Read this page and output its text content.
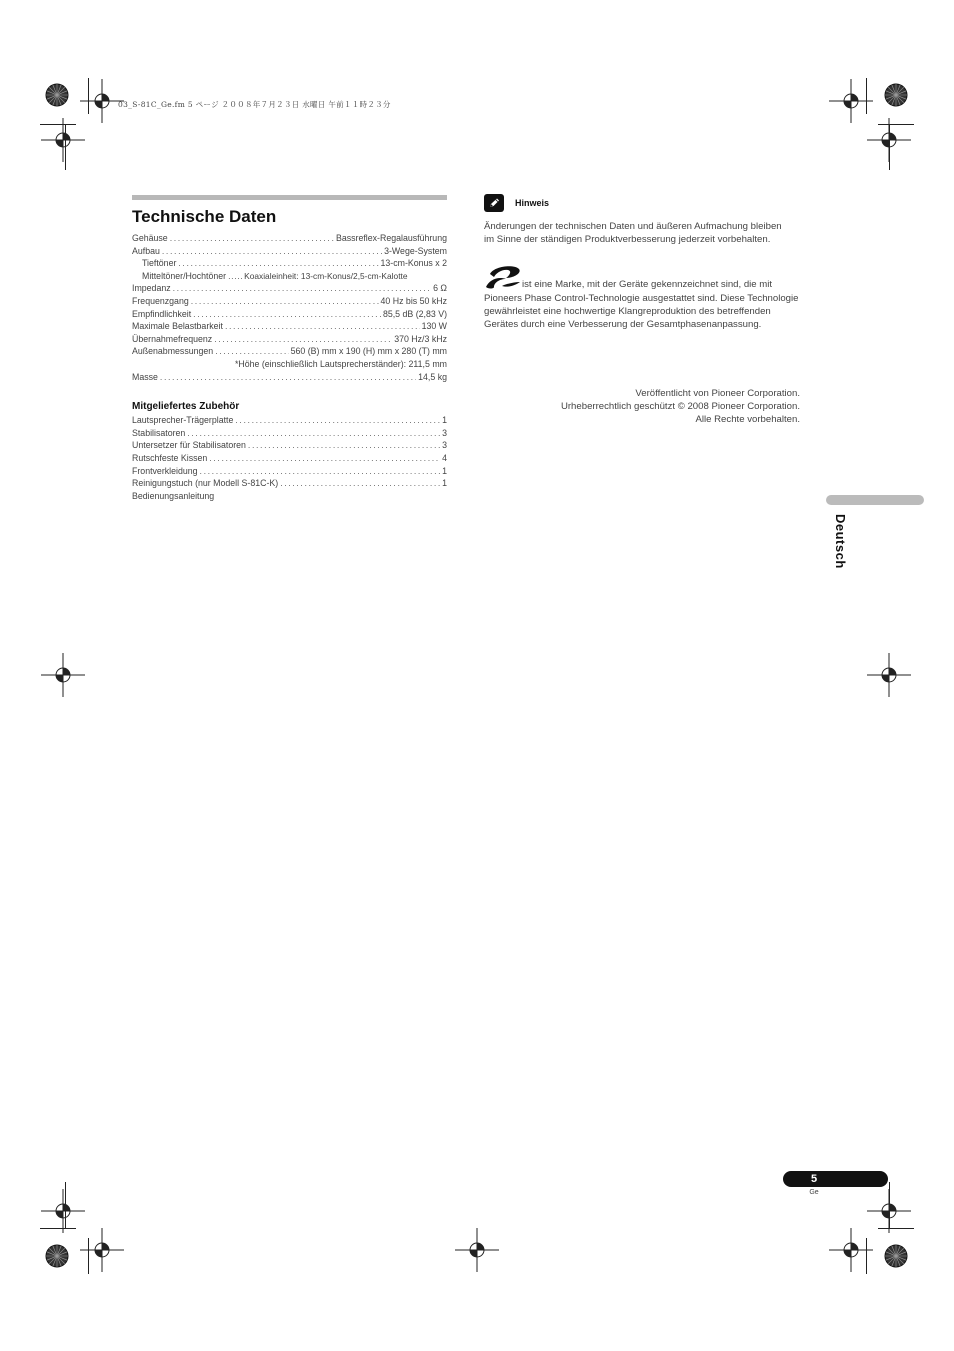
03_S-81C_Ge.fm 5 ページ ２００８年７月２３日 水曜日 午前１１時２３分
Technische Daten
Gehäuse .....	Bassreflex-Regalausführung
Aufbau .....	3-Wege-System
Tieftöner .....	13-cm-Konus x 2
Mitteltöner/Hochtöner ..... Koaxialeinheit: 13-cm-Konus/2,5-cm-Kalotte
Impedanz .....	6 Ω
Frequenzgang .....	40 Hz bis 50 kHz
Empfindlichkeit .....	85,5 dB (2,83 V)
Maximale Belastbarkeit .....	130 W
Übernahmefrequenz .....	370 Hz/3 kHz
Außenabmessungen .....	560 (B) mm x 190 (H) mm x 280 (T) mm
*Höhe (einschließlich Lautsprecherständer): 211,5 mm
Masse .....	14,5 kg
Mitgeliefertes Zubehör
Lautsprecher-Trägerplatte .....	1
Stabilisatoren .....	3
Untersetzer für Stabilisatoren .....	3
Rutschfeste Kissen .....	4
Frontverkleidung .....	1
Reinigungstuch (nur Modell S-81C-K) .....	1
Bedienungsanleitung
Hinweis

Änderungen der technischen Daten und äußeren Aufmachung bleiben im Sinne der ständigen Produktverbesserung jederzeit vorbehalten.

ist eine Marke, mit der Geräte gekennzeichnet sind, die mit Pioneers Phase Control-Technologie ausgestattet sind. Diese Technologie gewährleistet eine hochwertige Klangreproduktion des betreffenden Gerätes durch eine Verbesserung der Gesamtphasenanpassung.

Veröffentlicht von Pioneer Corporation.
Urheberrechtlich geschützt © 2008 Pioneer Corporation.
Alle Rechte vorbehalten.
Deutsch
5
Ge
